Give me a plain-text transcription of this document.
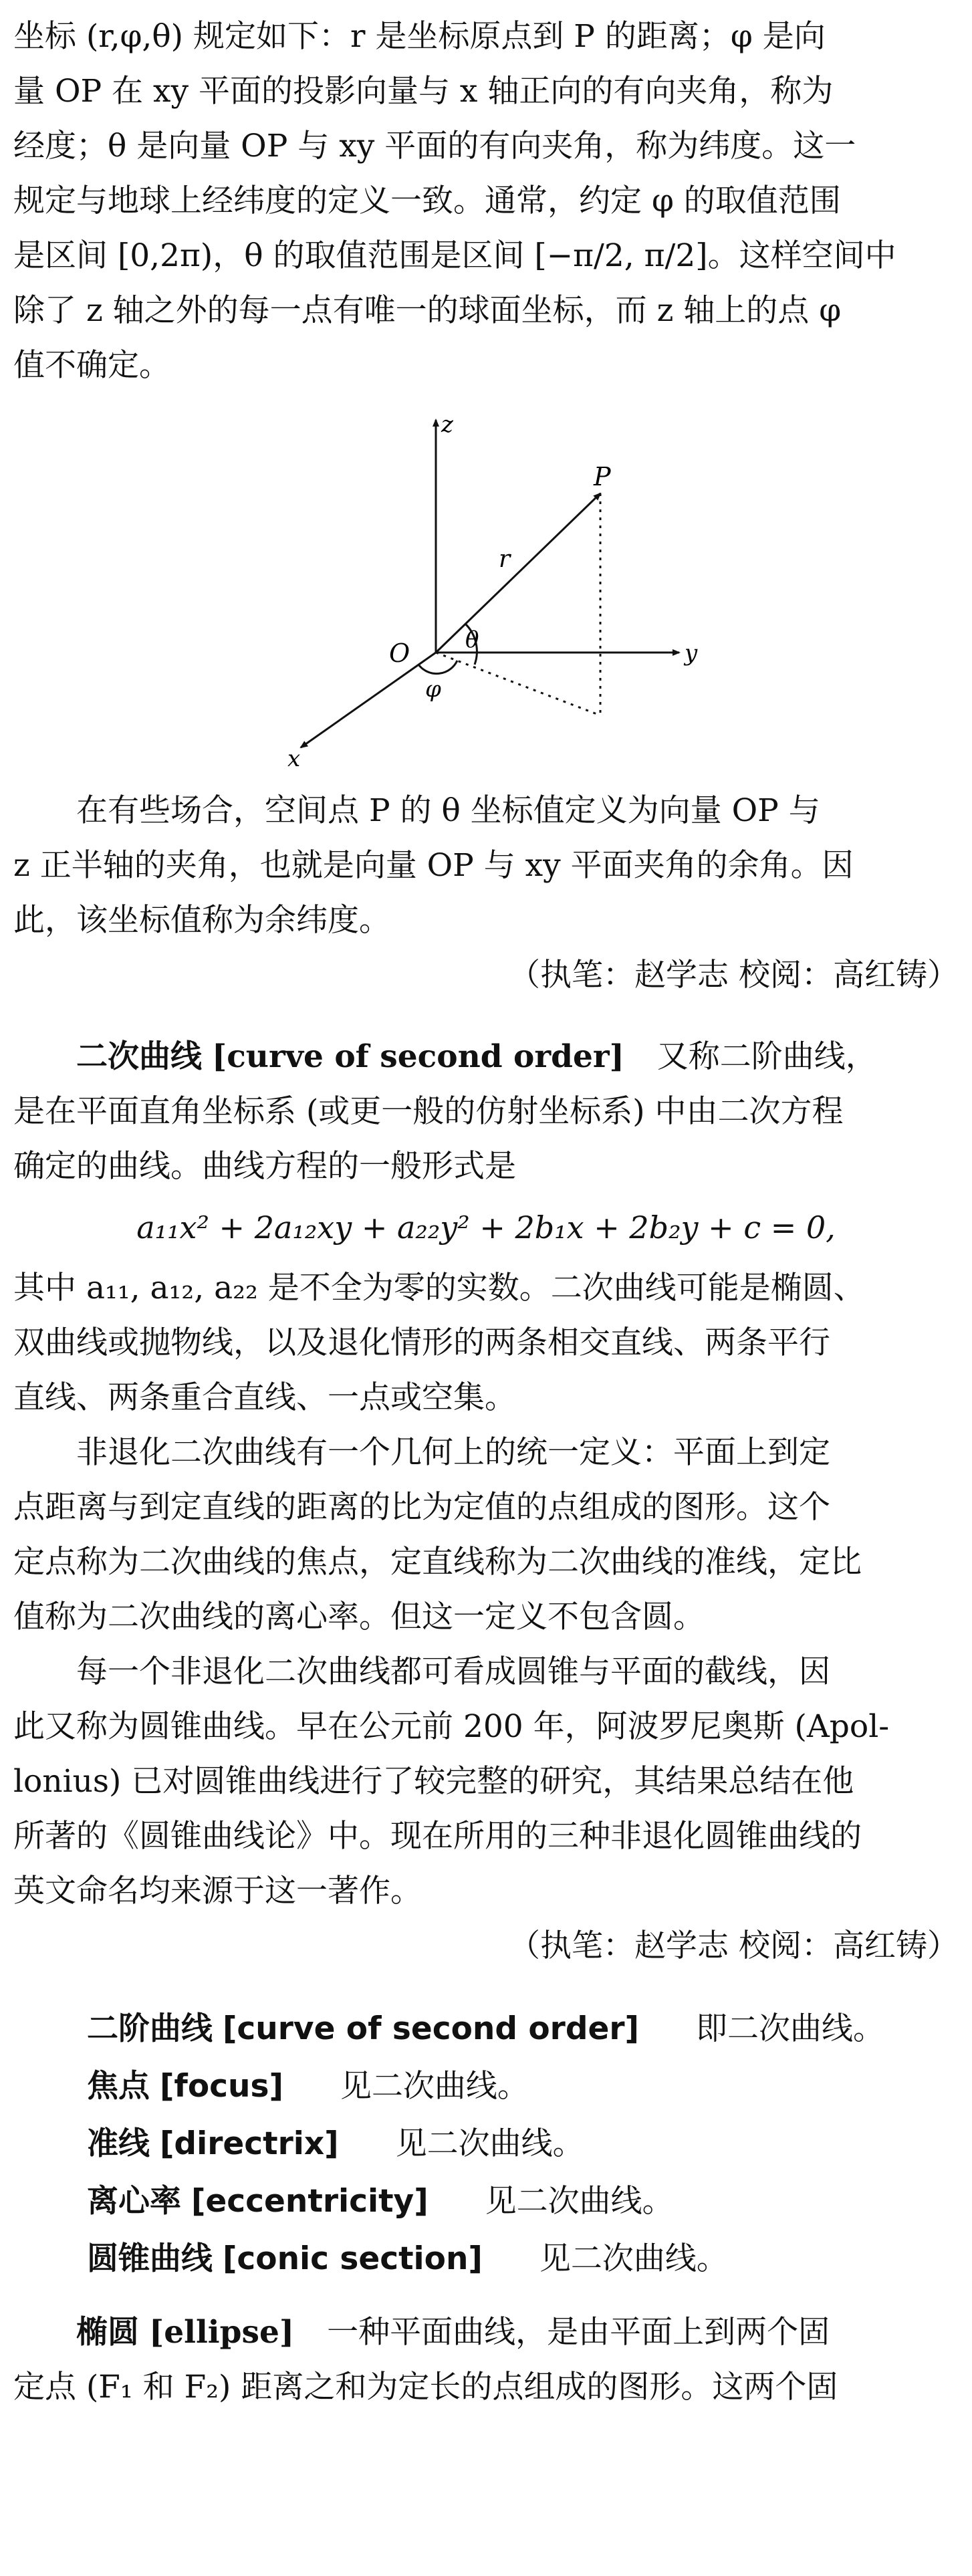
坐标 (r,φ,θ) 规定如下：r 是坐标原点到 P 的距离；φ 是向

量 OP 在 xy 平面的投影向量与 x 轴正向的有向夹角，称为

经度；θ 是向量 OP 与 xy 平面的有向夹角，称为纬度。这一

规定与地球上经纬度的定义一致。通常，约定 φ 的取值范围

是区间 [0,2π)，θ 的取值范围是区间 [−π/2, π/2]。这样空间中

除了 z 轴之外的每一点有唯一的球面坐标，而 z 轴上的点 φ

值不确定。

z
y
x
O
P
r
θ
φ

在有些场合，空间点 P 的 θ 坐标值定义为向量 OP 与

z 正半轴的夹角，也就是向量 OP 与 xy 平面夹角的余角。因

此，该坐标值称为余纬度。

（执笔：赵学志 校阅：高红铸）

二次曲线 [curve of second order] 又称二阶曲线，

是在平面直角坐标系 (或更一般的仿射坐标系) 中由二次方程

确定的曲线。曲线方程的一般形式是

a₁₁x² + 2a₁₂xy + a₂₂y² + 2b₁x + 2b₂y + c = 0,

其中 a₁₁, a₁₂, a₂₂ 是不全为零的实数。二次曲线可能是椭圆、

双曲线或抛物线，以及退化情形的两条相交直线、两条平行

直线、两条重合直线、一点或空集。

非退化二次曲线有一个几何上的统一定义：平面上到定

点距离与到定直线的距离的比为定值的点组成的图形。这个

定点称为二次曲线的焦点，定直线称为二次曲线的准线，定比

值称为二次曲线的离心率。但这一定义不包含圆。

每一个非退化二次曲线都可看成圆锥与平面的截线，因

此又称为圆锥曲线。早在公元前 200 年，阿波罗尼奥斯 (Apol-

lonius) 已对圆锥曲线进行了较完整的研究，其结果总结在他

所著的《圆锥曲线论》中。现在所用的三种非退化圆锥曲线的

英文命名均来源于这一著作。

（执笔：赵学志 校阅：高红铸）

二阶曲线 [curve of second order] 即二次曲线。

焦点 [focus] 见二次曲线。

准线 [directrix] 见二次曲线。

离心率 [eccentricity] 见二次曲线。

圆锥曲线 [conic section] 见二次曲线。

椭圆 [ellipse] 一种平面曲线，是由平面上到两个固

定点 (F₁ 和 F₂) 距离之和为定长的点组成的图形。这两个固
